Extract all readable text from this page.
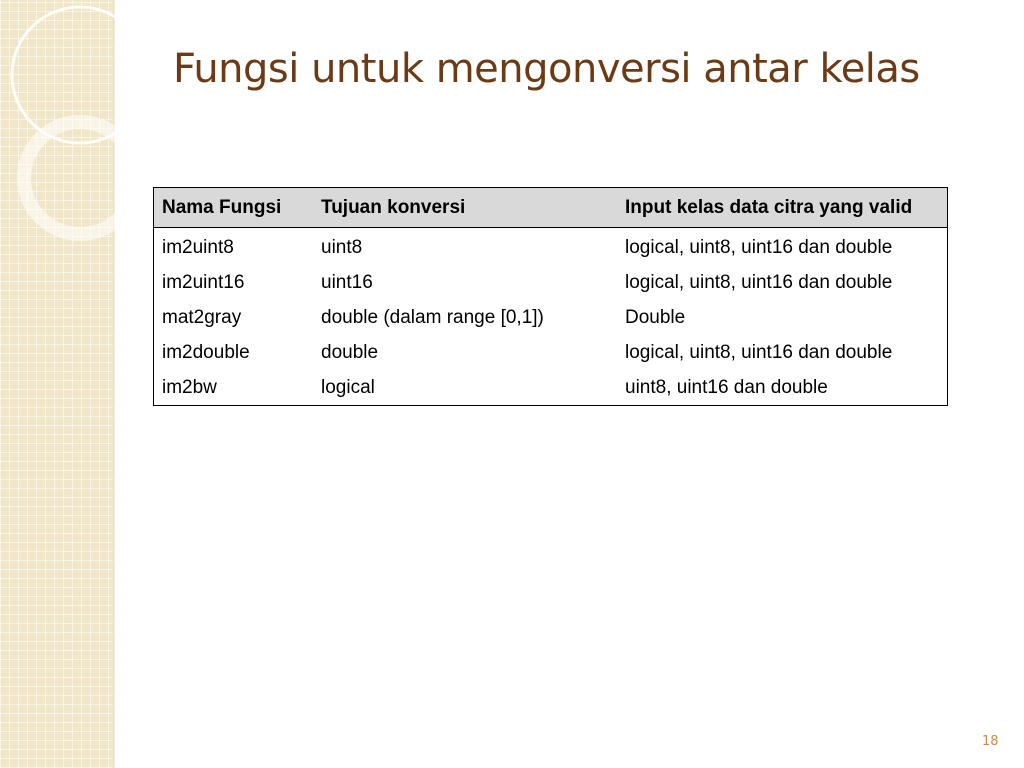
Fungsi untuk mengonversi antar kelas
Nama Fungsi	Tujuan konversi	Input kelas data citra yang valid
im2uint8	uint8	logical, uint8, uint16 dan double
im2uint16	uint16	logical, uint8, uint16 dan double
mat2gray	double (dalam range [0,1])	Double
im2double	double	logical, uint8, uint16 dan double
im2bw	logical	uint8, uint16 dan double
18
